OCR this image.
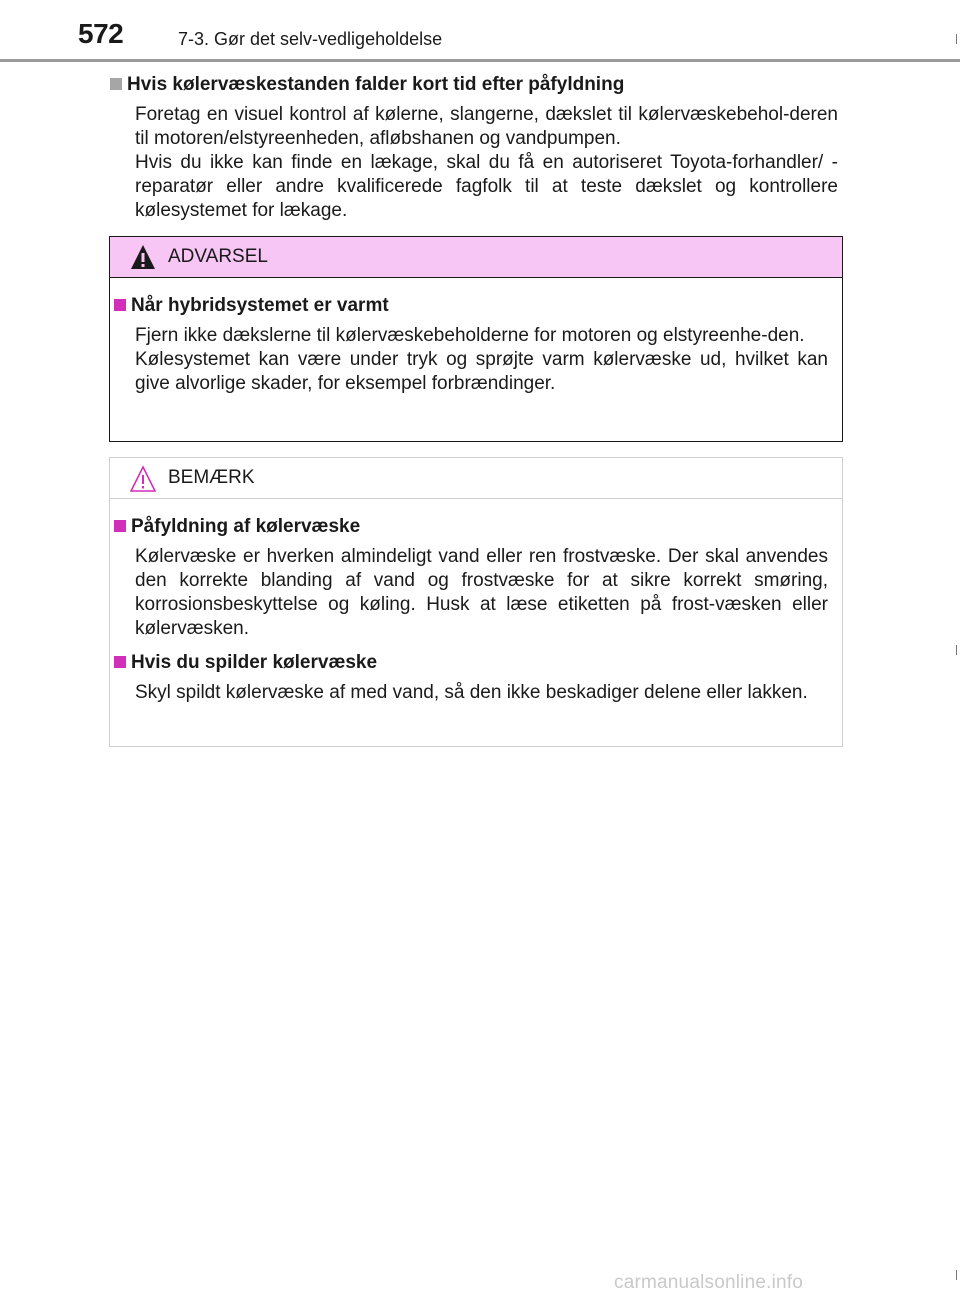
572	7-3. Gør det selv-vedligeholdelse
Hvis kølervæskestanden falder kort tid efter påfyldning

Foretag en visuel kontrol af kølerne, slangerne, dækslet til kølervæskebehol-deren til motoren/elstyreenheden, afløbshanen og vandpumpen.

Hvis du ikke kan finde en lækage, skal du få en autoriseret Toyota-forhandler/ -reparatør eller andre kvalificerede fagfolk til at teste dækslet og kontrollere kølesystemet for lækage.

ADVARSEL
Når hybridsystemet er varmt

Fjern ikke dækslerne til kølervæskebeholderne for motoren og elstyreenhe-den.

Kølesystemet kan være under tryk og sprøjte varm kølervæske ud, hvilket kan give alvorlige skader, for eksempel forbrændinger.

BEMÆRK
Påfyldning af kølervæske
Kølervæske er hverken almindeligt vand eller ren frostvæske. Der skal anvendes den korrekte blanding af vand og frostvæske for at sikre korrekt smøring, korrosionsbeskyttelse og køling. Husk at læse etiketten på frost-væsken eller kølervæsken.
Hvis du spilder kølervæske
Skyl spildt kølervæske af med vand, så den ikke beskadiger delene eller lakken.
carmanualsonline.info
